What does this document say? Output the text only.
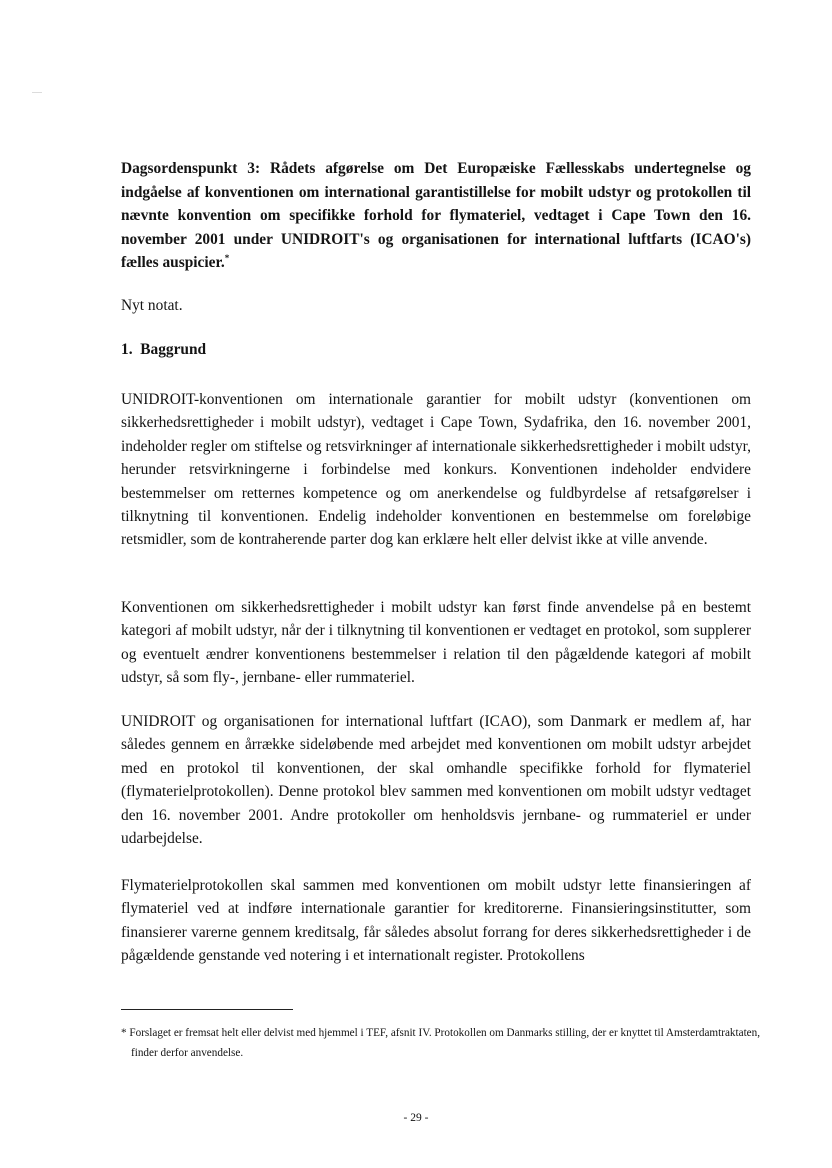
Dagsordenspunkt 3: Rådets afgørelse om Det Europæiske Fællesskabs undertegnelse og indgåelse af konventionen om international garantistillelse for mobilt udstyr og protokollen til nævnte konvention om specifikke forhold for flymateriel, vedtaget i Cape Town den 16. november 2001 under UNIDROIT's og organisationen for international luftfarts (ICAO's) fælles auspicier.*

Nyt notat.

1.  Baggrund

UNIDROIT-konventionen om internationale garantier for mobilt udstyr (konventionen om sikkerhedsrettigheder i mobilt udstyr), vedtaget i Cape Town, Sydafrika, den 16. november 2001, indeholder regler om stiftelse og retsvirkninger af internationale sikkerhedsrettigheder i mobilt udstyr, herunder retsvirkningerne i forbindelse med konkurs. Konventionen indeholder endvidere bestemmelser om retternes kompetence og om anerkendelse og fuldbyrdelse af retsafgørelser i tilknytning til konventionen. Endelig indeholder konventionen en bestemmelse om foreløbige retsmidler, som de kontraherende parter dog kan erklære helt eller delvist ikke at ville anvende.

Konventionen om sikkerhedsrettigheder i mobilt udstyr kan først finde anvendelse på en bestemt kategori af mobilt udstyr, når der i tilknytning til konventionen er vedtaget en protokol, som supplerer og eventuelt ændrer konventionens bestemmelser i relation til den pågældende kategori af mobilt udstyr, så som fly-, jernbane- eller rummateriel.

UNIDROIT og organisationen for international luftfart (ICAO), som Danmark er medlem af, har således gennem en årrække sideløbende med arbejdet med konventionen om mobilt udstyr arbejdet med en protokol til konventionen, der skal omhandle specifikke forhold for flymateriel (flymaterielprotokollen). Denne protokol blev sammen med konventionen om mobilt udstyr vedtaget den 16. november 2001. Andre protokoller om henholdsvis jernbane- og rummateriel er under udarbejdelse.

Flymaterielprotokollen skal sammen med konventionen om mobilt udstyr lette finansieringen af flymateriel ved at indføre internationale garantier for kreditorerne. Finansieringsinstitutter, som finansierer varerne gennem kreditsalg, får således absolut forrang for deres sikkerhedsrettigheder i de pågældende genstande ved notering i et internationalt register. Protokollens

* Forslaget er fremsat helt eller delvist med hjemmel i TEF, afsnit IV. Protokollen om Danmarks stilling, der er knyttet til Amsterdamtraktaten, finder derfor anvendelse.

- 29 -
